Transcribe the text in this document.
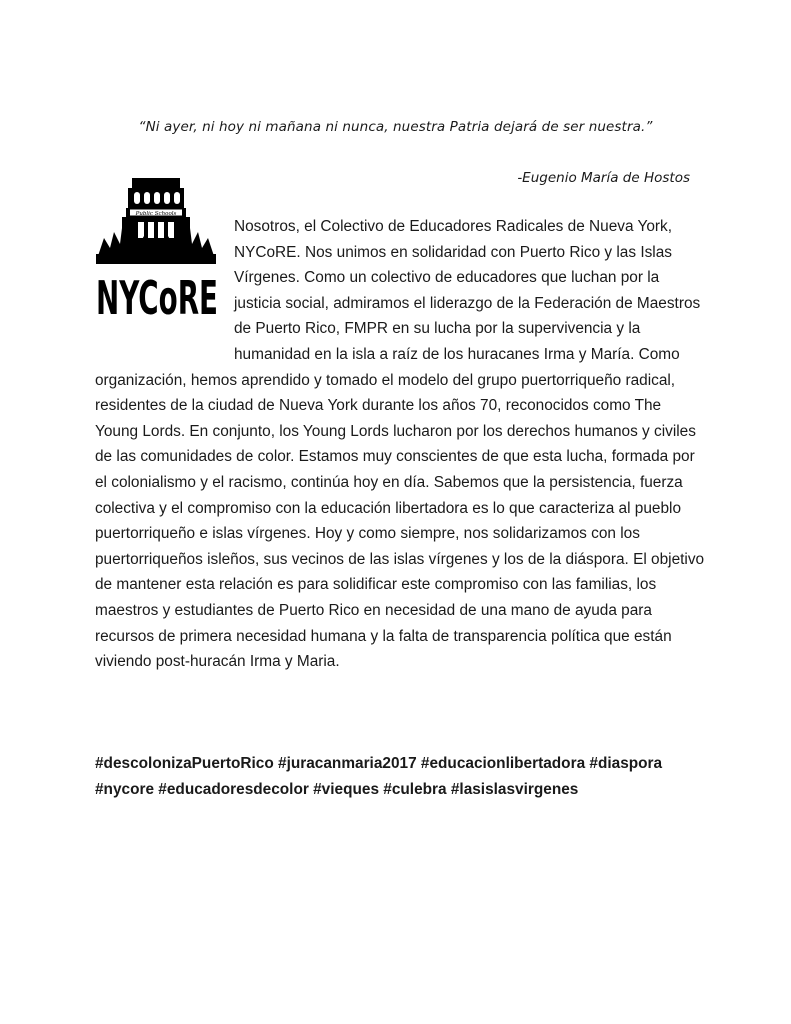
“Ni ayer, ni hoy ni mañana ni nunca, nuestra Patria dejará de ser nuestra.”
-Eugenio María de Hostos
Public Schools
NYCoRE
Nosotros, el Colectivo de Educadores Radicales de Nueva York, NYCoRE. Nos unimos en solidaridad con Puerto Rico y las Islas Vírgenes. Como un colectivo de educadores que luchan por la justicia social, admiramos el liderazgo de la Federación de Maestros de Puerto Rico, FMPR en su lucha por la supervivencia y la humanidad en la isla a raíz de los huracanes Irma y María. Como organización, hemos aprendido y tomado el modelo del grupo puertorriqueño radical, residentes de la ciudad de Nueva York durante los años 70, reconocidos como The Young Lords. En conjunto, los Young Lords lucharon por los derechos humanos y civiles de las comunidades de color. Estamos muy conscientes de que esta lucha, formada por el colonialismo y el racismo, continúa hoy en día. Sabemos que la persistencia, fuerza colectiva y el compromiso con la educación libertadora es lo que caracteriza al pueblo puertorriqueño e islas vírgenes. Hoy y como siempre, nos solidarizamos con los puertorriqueños isleños, sus vecinos de las islas vírgenes y los de la diáspora. El objetivo de mantener esta relación es para solidificar este compromiso con las familias, los maestros y estudiantes de Puerto Rico en necesidad de una mano de ayuda para recursos de primera necesidad humana y la falta de transparencia política que están viviendo post-huracán Irma y Maria.
#descolonizaPuertoRico #juracanmaria2017 #educacionlibertadora #diaspora
#nycore #educadoresdecolor #vieques #culebra #lasislasvirgenes
